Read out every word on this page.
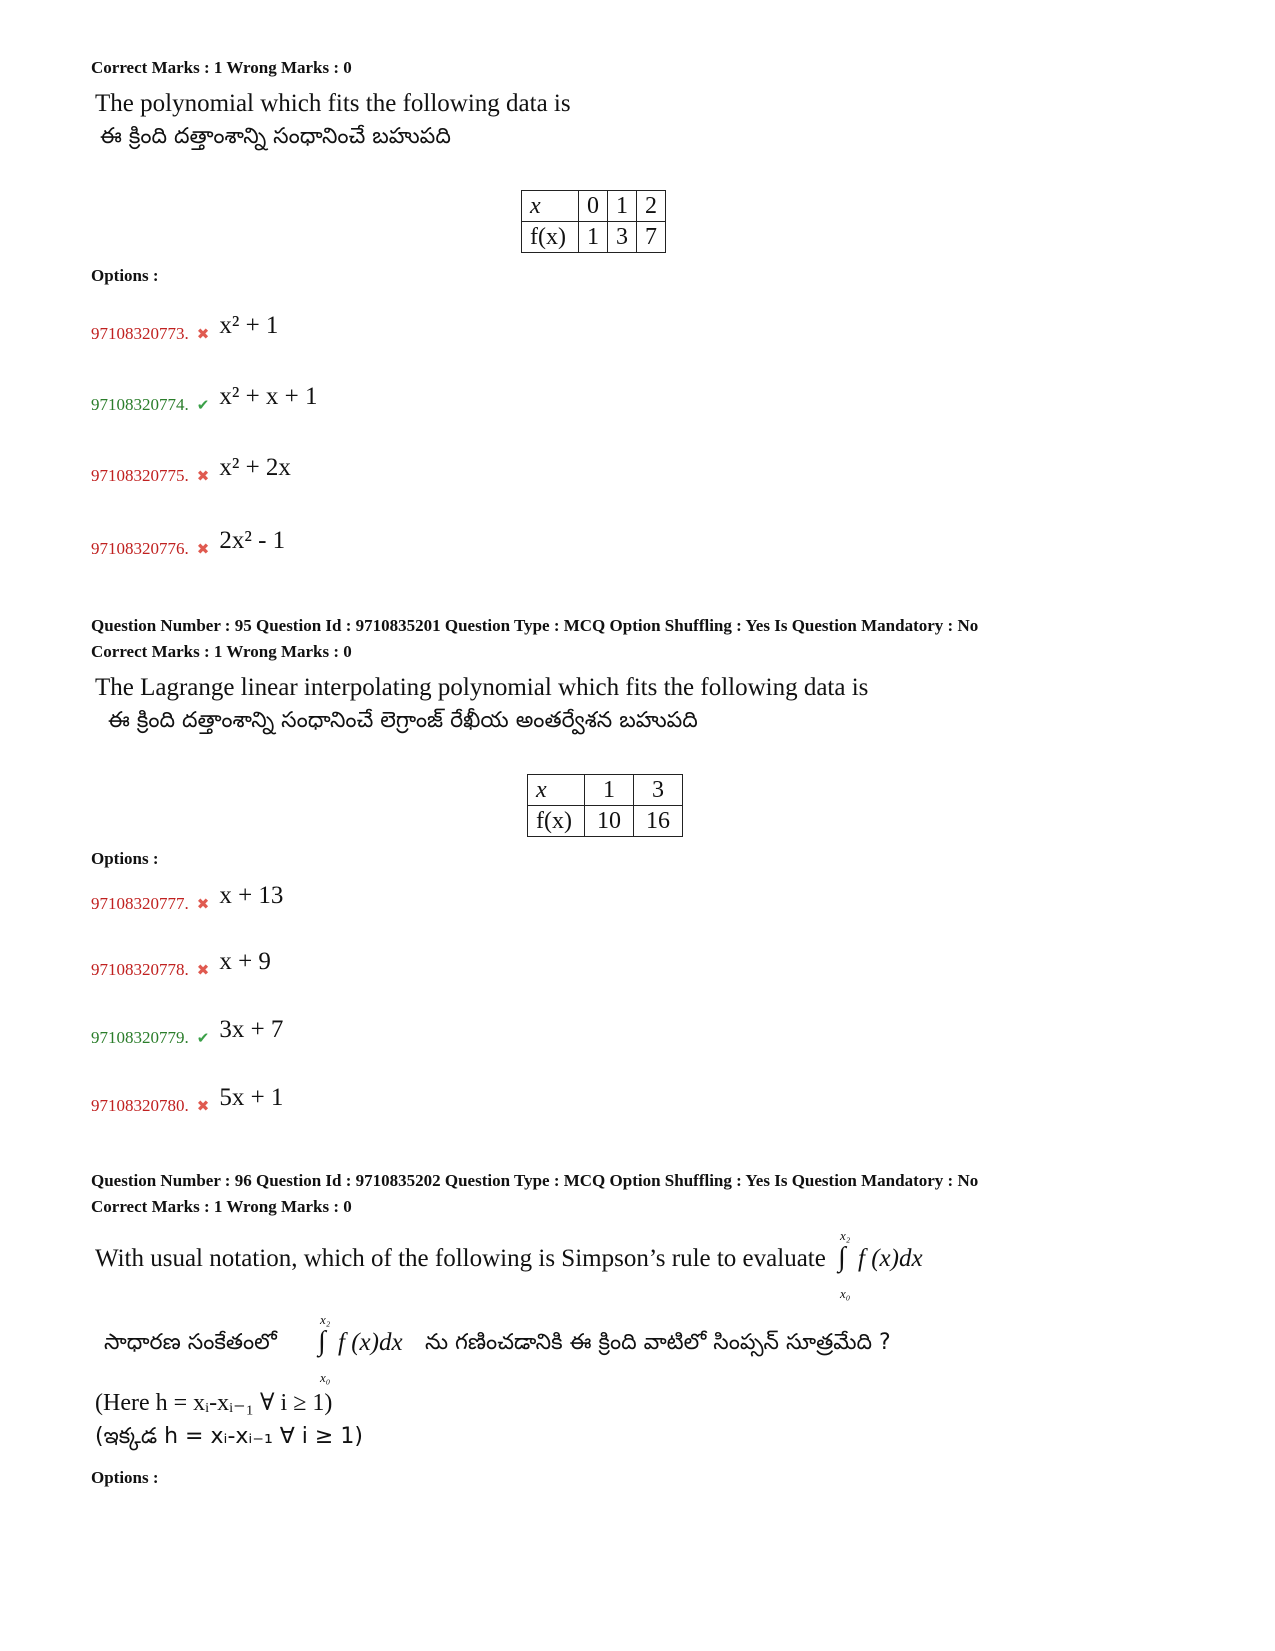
Correct Marks : 1 Wrong Marks : 0
The polynomial which fits the following data is
ఈ క్రింది దత్తాంశాన్ని సంధానించే బహుపది
x	0	1	2
f(x)	1	3	7
Options :
97108320773. ✖ x² + 1
97108320774. ✔ x² + x + 1
97108320775. ✖ x² + 2x
97108320776. ✖ 2x² - 1
Question Number : 95 Question Id : 9710835201 Question Type : MCQ Option Shuffling : Yes Is Question Mandatory : No
Correct Marks : 1 Wrong Marks : 0
The Lagrange linear interpolating polynomial which fits the following data is
ఈ క్రింది దత్తాంశాన్ని సంధానించే లెగ్రాంజ్ రేఖీయ అంతర్వేశన బహుపది
x	1	3
f(x)	10	16
Options :
97108320777. ✖ x + 13
97108320778. ✖ x + 9
97108320779. ✔ 3x + 7
97108320780. ✖ 5x + 1
Question Number : 96 Question Id : 9710835202 Question Type : MCQ Option Shuffling : Yes Is Question Mandatory : No
Correct Marks : 1 Wrong Marks : 0
With usual notation, which of the following is Simpson’s rule to evaluate
x₂
∫ f (x)dx
x₀
సాధారణ సంకేతంలో
x₂
∫ f (x)dx
x₀
ను గణించడానికి ఈ క్రింది వాటిలో సింప్సన్ సూత్రమేది ?
(Here h = xᵢ-xᵢ₋₁ ∀ i ≥ 1)
(ఇక్కడ h = xᵢ-xᵢ₋₁ ∀ i ≥ 1)
Options :
